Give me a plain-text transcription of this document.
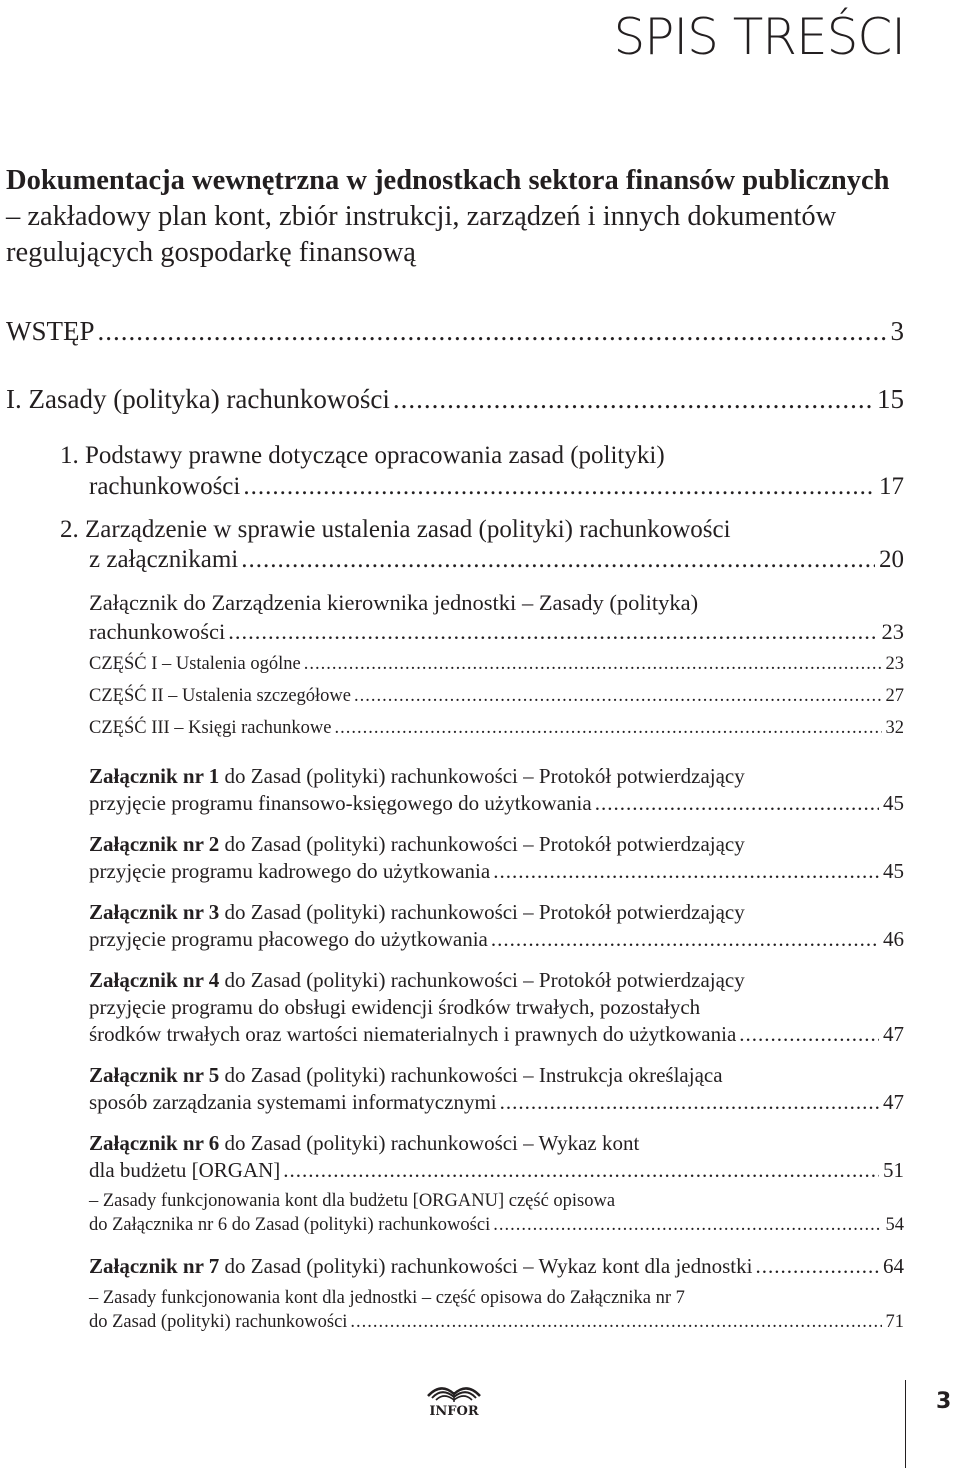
SPIS TREŚCI
Dokumentacja wewnętrzna w jednostkach sektora finansów publicznych – zakładowy plan kont, zbiór instrukcji, zarządzeń i innych dokumentów regulujących gospodarkę finansową
WSTĘP .....	3
I. Zasady (polityka) rachunkowości .....	15
1. Podstawy prawne dotyczące opracowania zasad (polityki)
rachunkowości .....	17
2. Zarządzenie w sprawie ustalenia zasad (polityki) rachunkowości
z załącznikami .....	20
Załącznik do Zarządzenia kierownika jednostki – Zasady (polityka)
rachunkowości .....	23
CZĘŚĆ I – Ustalenia ogólne .....	23
CZĘŚĆ II – Ustalenia szczegółowe .....	27
CZĘŚĆ III – Księgi rachunkowe .....	32
Załącznik nr 1 do Zasad (polityki) rachunkowości – Protokół potwierdzający
przyjęcie programu finansowo-księgowego do użytkowania .....	45
Załącznik nr 2 do Zasad (polityki) rachunkowości – Protokół potwierdzający
przyjęcie programu kadrowego do użytkowania .....	45
Załącznik nr 3 do Zasad (polityki) rachunkowości – Protokół potwierdzający
przyjęcie programu płacowego do użytkowania .....	46
Załącznik nr 4 do Zasad (polityki) rachunkowości – Protokół potwierdzający
przyjęcie programu do obsługi ewidencji środków trwałych, pozostałych
środków trwałych oraz wartości niematerialnych i prawnych do użytkowania .....	47
Załącznik nr 5 do Zasad (polityki) rachunkowości – Instrukcja określająca
sposób zarządzania systemami informatycznymi .....	47
Załącznik nr 6 do Zasad (polityki) rachunkowości – Wykaz kont
dla budżetu [ORGAN] .....	51
– Zasady funkcjonowania kont dla budżetu [ORGANU] część opisowa
do Załącznika nr 6 do Zasad (polityki) rachunkowości .....	54
Załącznik nr 7 do Zasad (polityki) rachunkowości – Wykaz kont dla jednostki .....	64
– Zasady funkcjonowania kont dla jednostki – część opisowa do Załącznika nr 7
do Zasad (polityki) rachunkowości .....	71
INFOR	3
